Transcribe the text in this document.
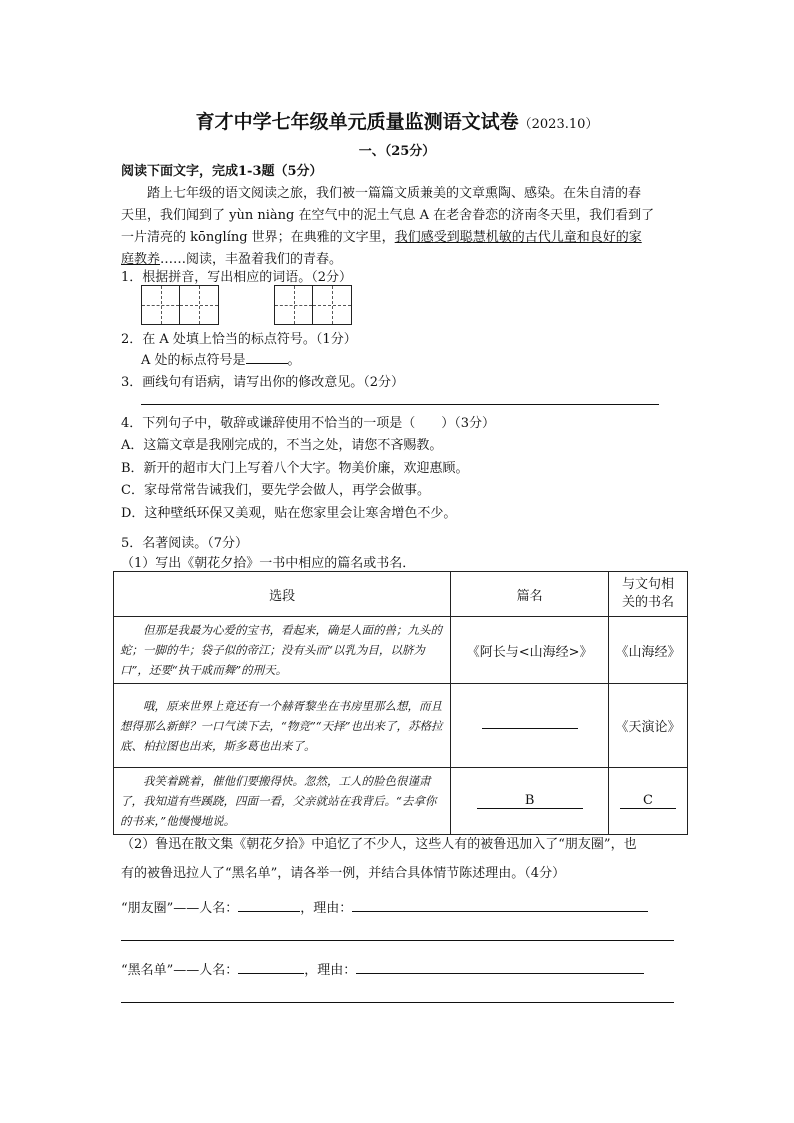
育才中学七年级单元质量监测语文试卷（2023.10）
一、（25分）
阅读下面文字，完成1-3题（5分）
踏上七年级的语文阅读之旅，我们被一篇篇文质兼美的文章熏陶、感染。在朱自清的春
天里，我们闻到了 yùn niàng 在空气中的泥土气息 A 在老舍眷恋的济南冬天里，我们看到了
一片清亮的 kōnglíng 世界；在典雅的文字里，我们感受到聪慧机敏的古代儿童和良好的家
庭教养……阅读，丰盈着我们的青春。
1．根据拼音，写出相应的词语。（2分）
2．在 A 处填上恰当的标点符号。（1分）
A 处的标点符号是	。
3．画线句有语病，请写出你的修改意见。（2分）
4．下列句子中，敬辞或谦辞使用不恰当的一项是（　　）（3分）
A．这篇文章是我刚完成的，不当之处，请您不吝赐教。
B．新开的超市大门上写着八个大字。物美价廉，欢迎惠顾。
C．家母常常告诫我们，要先学会做人，再学会做事。
D．这种壁纸环保又美观，贴在您家里会让寒舍增色不少。
5．名著阅读。（7分）
（1）写出《朝花夕拾》一书中相应的篇名或书名．
选段	篇名	与文句相
关的书名
但那是我最为心爱的宝书，看起来，确是人面的兽；九头的蛇；一脚的牛；袋子似的帝江；没有头而“以乳为目，以脐为口”，还要“执干戚而舞”的刑天。	《阿长与<山海经>》	《山海经》
哦，原来世界上竟还有一个赫胥黎坐在书房里那么想，而且想得那么新鲜？一口气读下去，“物竞”“天择”也出来了，苏格拉底、柏拉图也出来，斯多葛也出来了。		《天演论》
我笑着跳着，催他们要搬得快。忽然，工人的脸色很谨肃了，我知道有些蹊跷，四面一看，父亲就站在我背后。“去拿你的书来，”他慢慢地说。	B	C
（2）鲁迅在散文集《朝花夕拾》中追忆了不少人，这些人有的被鲁迅加入了“朋友圈”，也
有的被鲁迅拉人了“黑名单”，请各举一例，并结合具体情节陈述理由。（4分）
“朋友圈”——人名：	，理由：
“黑名单”——人名：	，理由：
